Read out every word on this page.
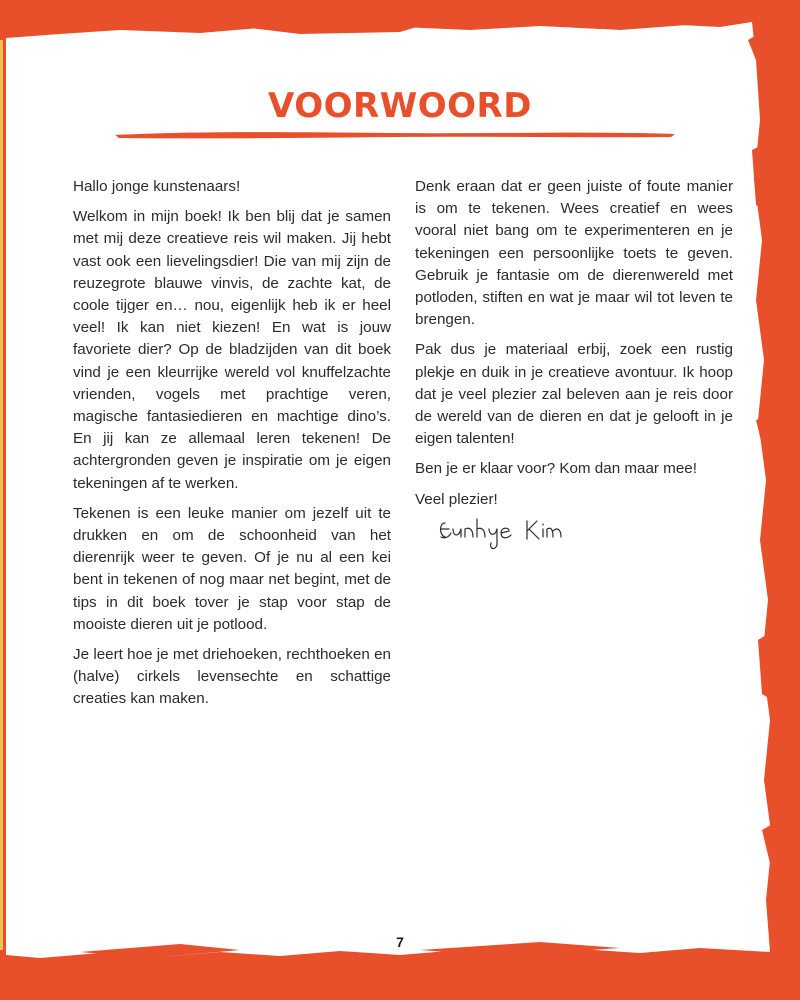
VOORWOORD

Hallo jonge kunstenaars!

Welkom in mijn boek! Ik ben blij dat je samen met mij deze creatieve reis wil maken. Jij hebt vast ook een lievelingsdier! Die van mij zijn de reuzegrote blauwe vinvis, de zachte kat, de coole tijger en… nou, eigenlijk heb ik er heel veel! Ik kan niet kiezen! En wat is jouw favoriete dier? Op de bladzijden van dit boek vind je een kleurrijke wereld vol knuffelzachte vrienden, vogels met prachtige veren, magische fantasiedieren en machtige dino’s. En jij kan ze allemaal leren tekenen! De achtergronden geven je inspiratie om je eigen tekeningen af te werken.

Tekenen is een leuke manier om jezelf uit te drukken en om de schoonheid van het dierenrijk weer te geven. Of je nu al een kei bent in tekenen of nog maar net begint, met de tips in dit boek tover je stap voor stap de mooiste dieren uit je potlood.

Je leert hoe je met driehoeken, rechthoeken en (halve) cirkels levensechte en schattige creaties kan maken.

Denk eraan dat er geen juiste of foute manier is om te tekenen. Wees creatief en wees vooral niet bang om te experimenteren en je tekeningen een persoonlijke toets te geven. Gebruik je fantasie om de dierenwereld met potloden, stiften en wat je maar wil tot leven te brengen.

Pak dus je materiaal erbij, zoek een rustig plekje en duik in je creatieve avontuur. Ik hoop dat je veel plezier zal beleven aan je reis door de wereld van de dieren en dat je gelooft in je eigen talenten!

Ben je er klaar voor? Kom dan maar mee!

Veel plezier!

7
